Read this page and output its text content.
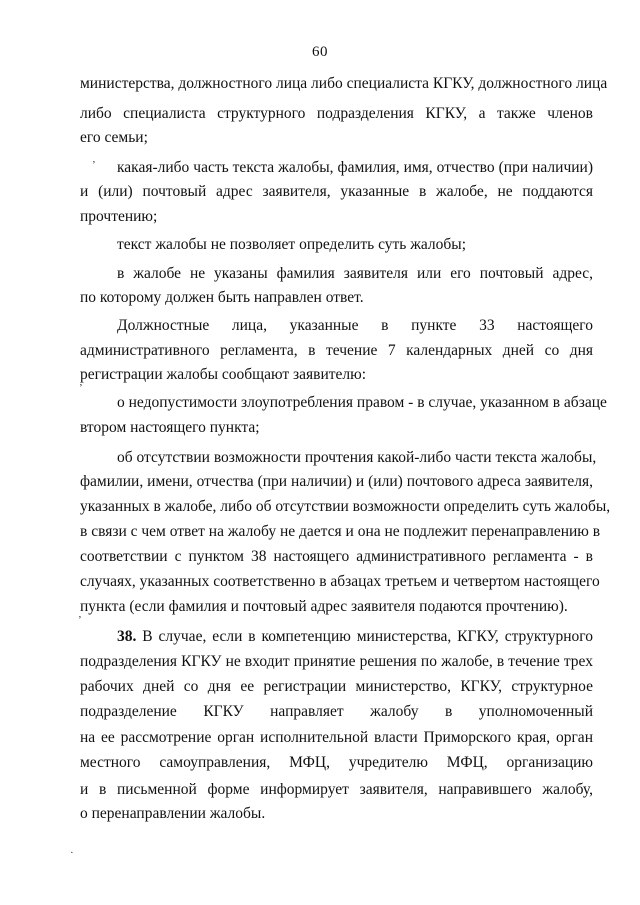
60
министерства, должностного лица либо специалиста КГКУ, должностного лица
либо специалиста структурного подразделения КГКУ, а также членов
его семьи;
какая-либо часть текста жалобы, фамилия, имя, отчество (при наличии)
и (или) почтовый адрес заявителя, указанные в жалобе, не поддаются
прочтению;
текст жалобы не позволяет определить суть жалобы;
в жалобе не указаны фамилия заявителя или его почтовый адрес,
по которому должен быть направлен ответ.
Должностные лица, указанные в пункте 33 настоящего
административного регламента, в течение 7 календарных дней со дня
регистрации жалобы сообщают заявителю:
о недопустимости злоупотребления правом - в случае, указанном в абзаце
втором настоящего пункта;
об отсутствии возможности прочтения какой-либо части текста жалобы,
фамилии, имени, отчества (при наличии) и (или) почтового адреса заявителя,
указанных в жалобе, либо об отсутствии возможности определить суть жалобы,
в связи с чем ответ на жалобу не дается и она не подлежит перенаправлению в
соответствии с пунктом 38 настоящего административного регламента - в
случаях, указанных соответственно в абзацах третьем и четвертом настоящего
пункта (если фамилия и почтовый адрес заявителя подаются прочтению).
38. В случае, если в компетенцию министерства, КГКУ, структурного
подразделения КГКУ не входит принятие решения по жалобе, в течение трех
рабочих дней со дня ее регистрации министерство, КГКУ, структурное
подразделение КГКУ направляет жалобу в уполномоченный
на ее рассмотрение орган исполнительной власти Приморского края, орган
местного самоуправления, МФЦ, учредителю МФЦ, организацию
и в письменной форме информирует заявителя, направившего жалобу,
о перенаправлении жалобы.
’
’
’
·
